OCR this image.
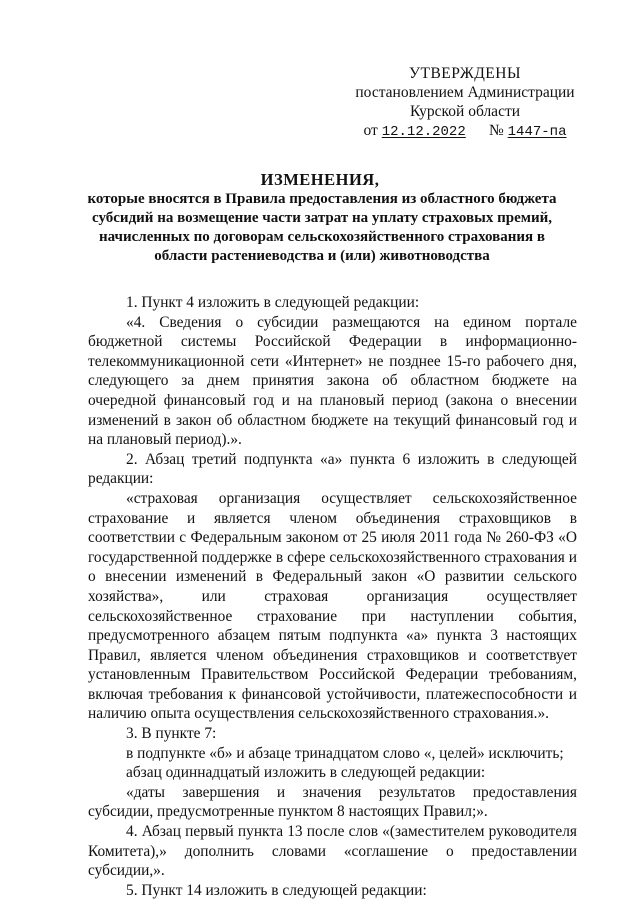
УТВЕРЖДЕНЫ
постановлением Администрации
Курской области
от 12.12.2022 № 1447-па
ИЗМЕНЕНИЯ,
которые вносятся в Правила предоставления из областного бюджета субсидий на возмещение части затрат на уплату страховых премий, начисленных по договорам сельскохозяйственного страхования в области растениеводства и (или) животноводства

1. Пункт 4 изложить в следующей редакции:

«4. Сведения о субсидии размещаются на едином портале бюджетной системы Российской Федерации в информационно-телекоммуникационной сети «Интернет» не позднее 15-го рабочего дня, следующего за днем принятия закона об областном бюджете на очередной финансовый год и на плановый период (закона о внесении изменений в закон об областном бюджете на текущий финансовый год и на плановый период).».

2. Абзац третий подпункта «а» пункта 6 изложить в следующей редакции:

«страховая организация осуществляет сельскохозяйственное страхование и является членом объединения страховщиков в соответствии с Федеральным законом от 25 июля 2011 года № 260-ФЗ «О государственной поддержке в сфере сельскохозяйственного страхования и о внесении изменений в Федеральный закон «О развитии сельского хозяйства», или страховая организация осуществляет сельскохозяйственное страхование при наступлении события, предусмотренного абзацем пятым подпункта «а» пункта 3 настоящих Правил, является членом объединения страховщиков и соответствует установленным Правительством Российской Федерации требованиям, включая требования к финансовой устойчивости, платежеспособности и наличию опыта осуществления сельскохозяйственного страхования.».

3. В пункте 7:

в подпункте «б» и абзаце тринадцатом слово «, целей» исключить;

абзац одиннадцатый изложить в следующей редакции:

«даты завершения и значения результатов предоставления субсидии, предусмотренные пунктом 8 настоящих Правил;».

4. Абзац первый пункта 13 после слов «(заместителем руководителя Комитета),» дополнить словами «соглашение о предоставлении субсидии,».

5. Пункт 14 изложить в следующей редакции:
